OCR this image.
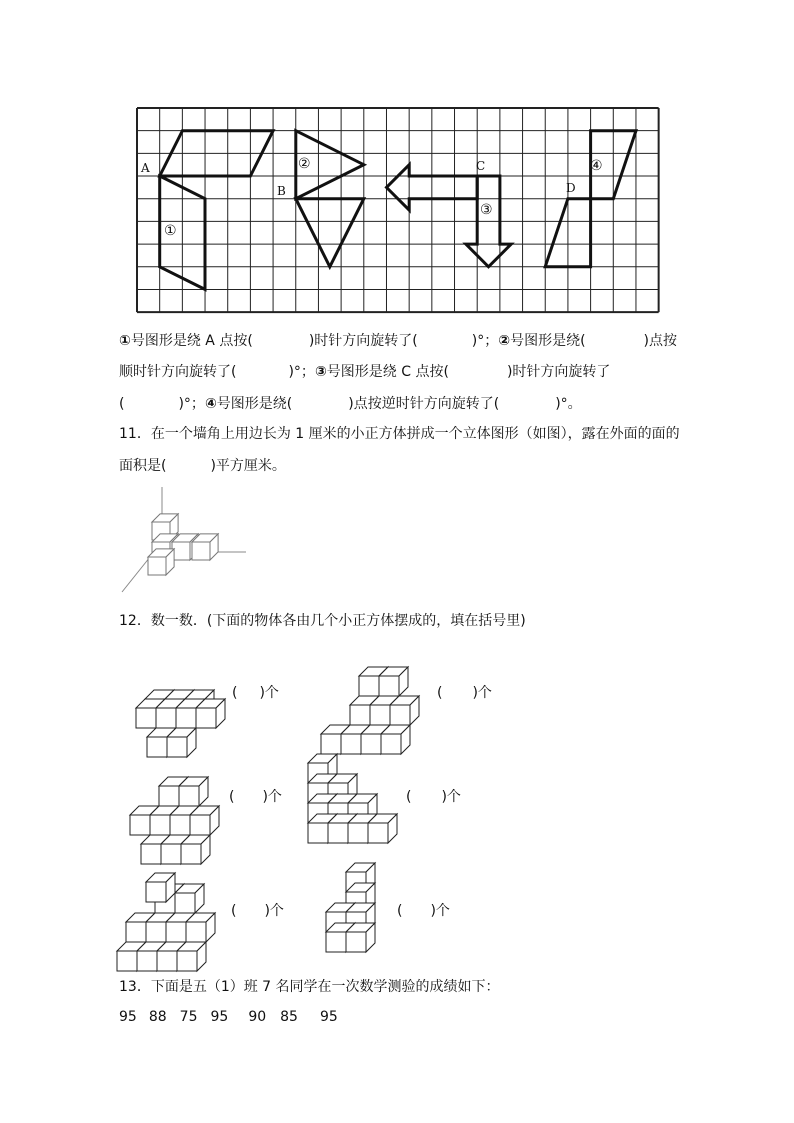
A
B
C
D
①
②
③
④
①号图形是绕 A 点按(	)时针方向旋转了(	)°；②号图形是绕(	)点按
顺时针方向旋转了(	)°；③号图形是绕 C 点按(	)时针方向旋转了
(	)°；④号图形是绕(	)点按逆时针方向旋转了(	)°。
11．在一个墙角上用边长为 1 厘米的小正方体拼成一个立体图形（如图），露在外面的面的
面积是(	)平方厘米。
12．数一数．(下面的物体各由几个小正方体摆成的，填在括号里)
( )个	( )个
( )个	( )个
( )个	( )个
13．下面是五（1）班 7 名同学在一次数学测验的成绩如下：
95 88 75 95 90 85 95
